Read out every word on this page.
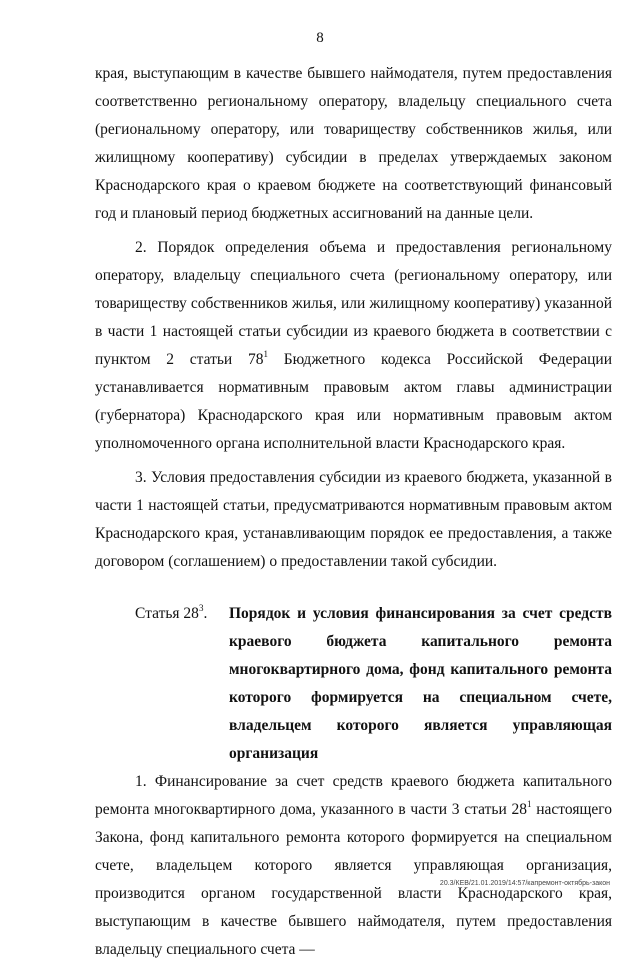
8

края, выступающим в качестве бывшего наймодателя, путем предоставления соответственно региональному оператору, владельцу специального счета (региональному оператору, или товариществу собственников жилья, или жилищному кооперативу) субсидии в пределах утверждаемых законом Краснодарского края о краевом бюджете на соответствующий финансовый год и плановый период бюджетных ассигнований на данные цели.

2. Порядок определения объема и предоставления региональному оператору, владельцу специального счета (региональному оператору, или товариществу собственников жилья, или жилищному кооперативу) указанной в части 1 настоящей статьи субсидии из краевого бюджета в соответствии с пунктом 2 статьи $78^1$ Бюджетного кодекса Российской Федерации устанавливается нормативным правовым актом главы администрации (губернатора) Краснодарского края или нормативным правовым актом уполномоченного органа исполнительной власти Краснодарского края.

3. Условия предоставления субсидии из краевого бюджета, указанной в части 1 настоящей статьи, предусматриваются нормативным правовым актом Краснодарского края, устанавливающим порядок ее предоставления, а также договором (соглашением) о предоставлении такой субсидии.

Статья $28^3$.	Порядок и условия финансирования за счет средств краевого бюджета капитального ремонта многоквартирного дома, фонд капитального ремонта которого формируется на специальном счете, владельцем которого является управляющая организация

1. Финансирование за счет средств краевого бюджета капитального ремонта многоквартирного дома, указанного в части 3 статьи $28^1$ настоящего Закона, фонд капитального ремонта которого формируется на специальном счете, владельцем которого является управляющая организация, производится органом государственной власти Краснодарского края, выступающим в качестве бывшего наймодателя, путем предоставления владельцу специального счета —

20.3/КЕВ/21.01.2019/14:57/капремонт-октябрь-закон
